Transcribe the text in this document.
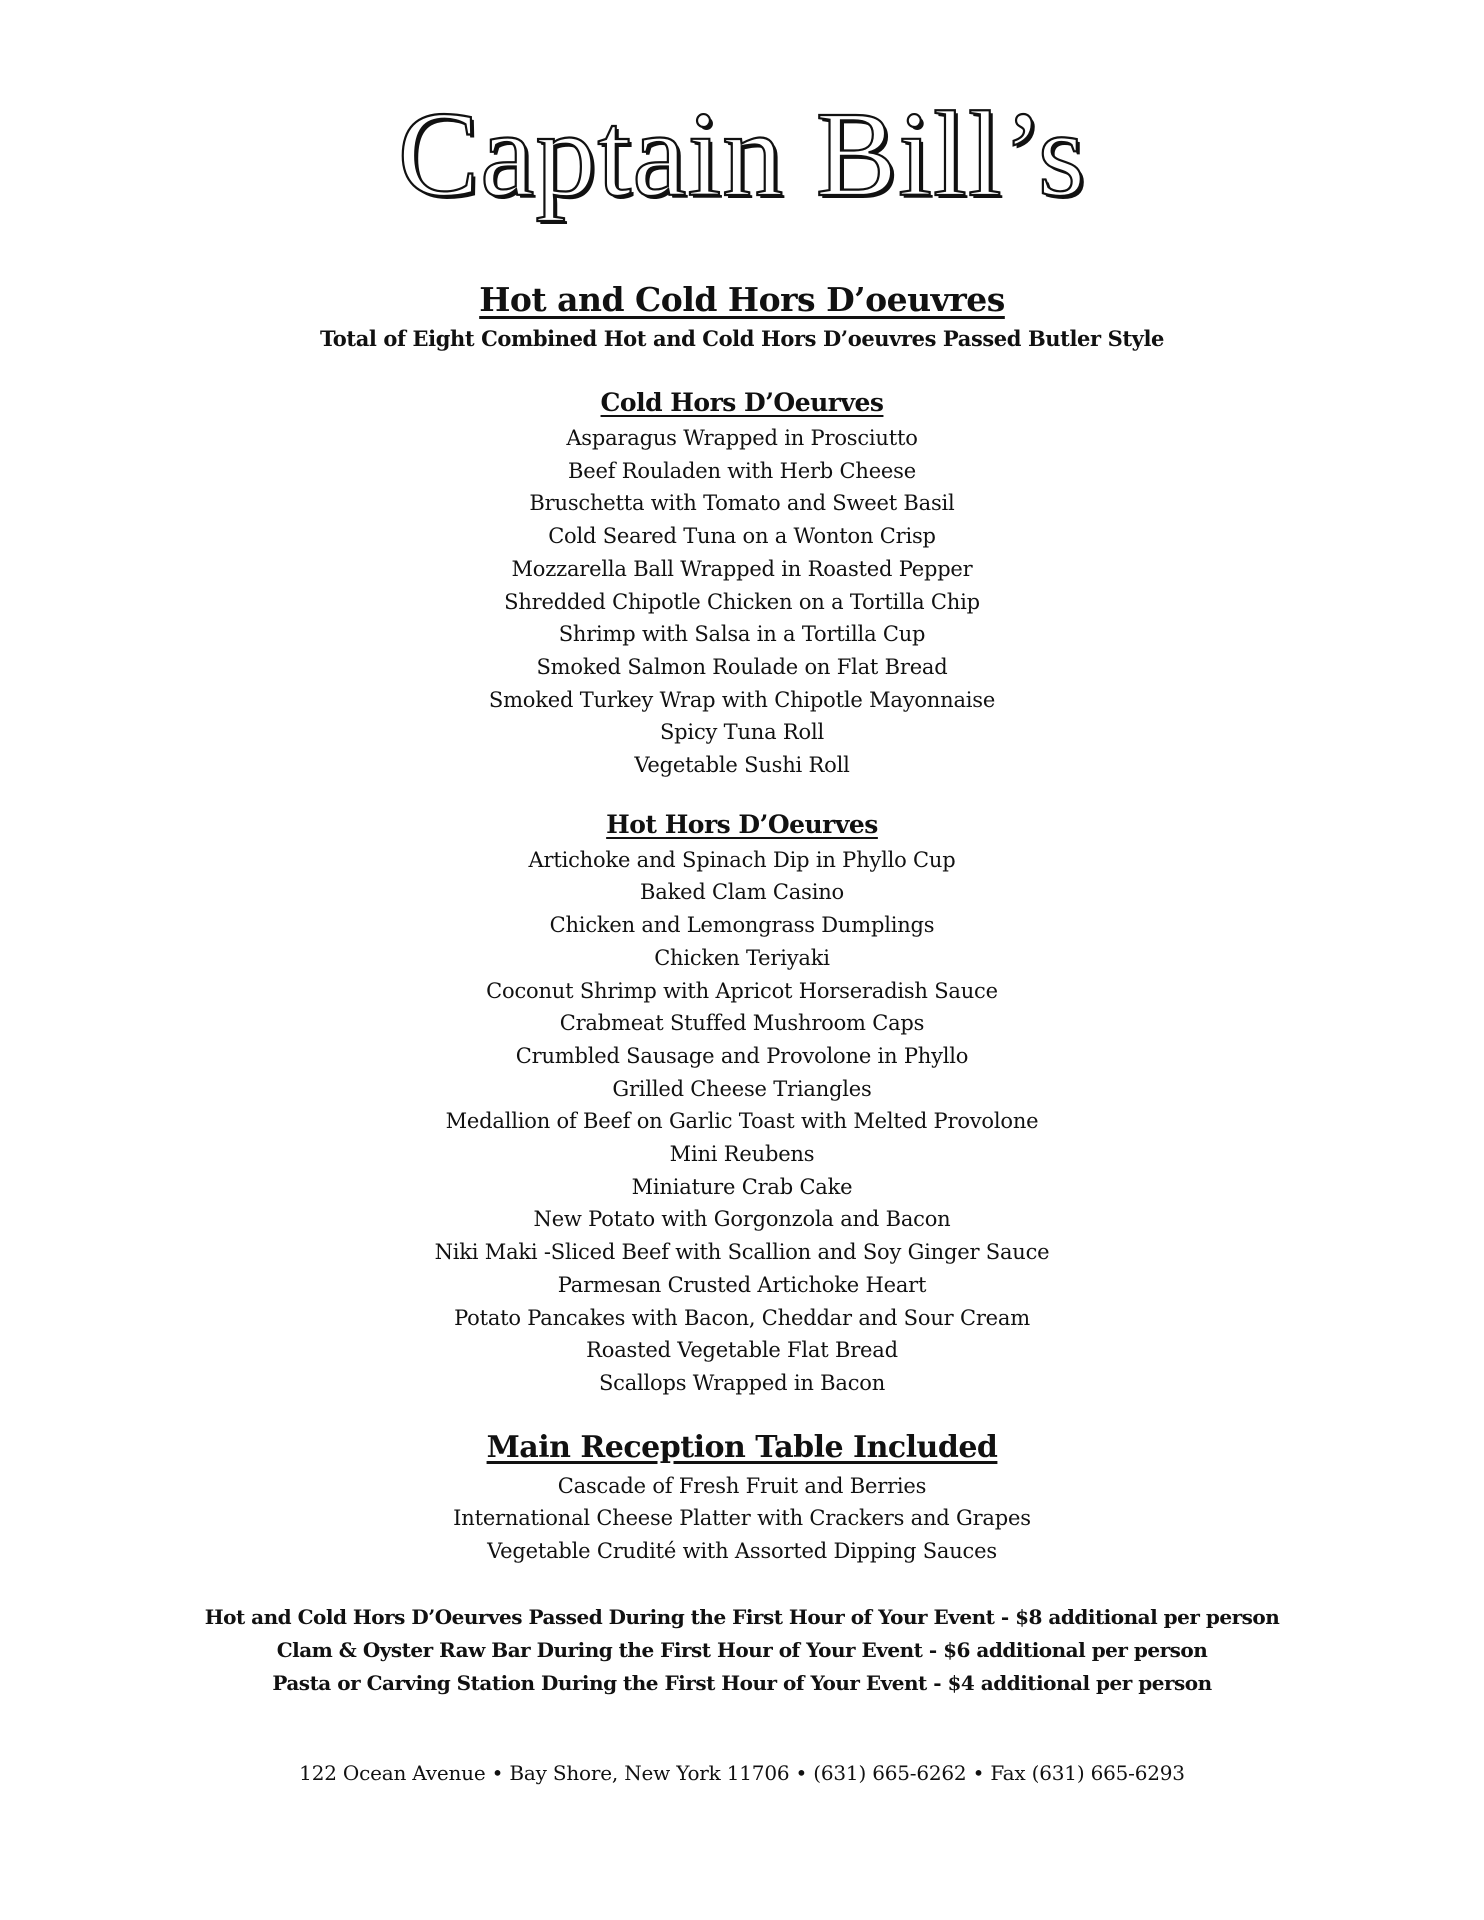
Captain Bill’s
Hot and Cold Hors D’oeuvres

Total of Eight Combined Hot and Cold Hors D’oeuvres Passed Butler Style

Cold Hors D’Oeurves
Asparagus Wrapped in Prosciutto
Beef Rouladen with Herb Cheese
Bruschetta with Tomato and Sweet Basil
Cold Seared Tuna on a Wonton Crisp
Mozzarella Ball Wrapped in Roasted Pepper
Shredded Chipotle Chicken on a Tortilla Chip
Shrimp with Salsa in a Tortilla Cup
Smoked Salmon Roulade on Flat Bread
Smoked Turkey Wrap with Chipotle Mayonnaise
Spicy Tuna Roll
Vegetable Sushi Roll
Hot Hors D’Oeurves
Artichoke and Spinach Dip in Phyllo Cup
Baked Clam Casino
Chicken and Lemongrass Dumplings
Chicken Teriyaki
Coconut Shrimp with Apricot Horseradish Sauce
Crabmeat Stuffed Mushroom Caps
Crumbled Sausage and Provolone in Phyllo
Grilled Cheese Triangles
Medallion of Beef on Garlic Toast with Melted Provolone
Mini Reubens
Miniature Crab Cake
New Potato with Gorgonzola and Bacon
Niki Maki -Sliced Beef with Scallion and Soy Ginger Sauce
Parmesan Crusted Artichoke Heart
Potato Pancakes with Bacon, Cheddar and Sour Cream
Roasted Vegetable Flat Bread
Scallops Wrapped in Bacon
Main Reception Table Included
Cascade of Fresh Fruit and Berries
International Cheese Platter with Crackers and Grapes
Vegetable Crudité with Assorted Dipping Sauces
Hot and Cold Hors D’Oeurves Passed During the First Hour of Your Event - $8 additional per person
Clam & Oyster Raw Bar During the First Hour of Your Event - $6 additional per person
Pasta or Carving Station During the First Hour of Your Event - $4 additional per person

122 Ocean Avenue • Bay Shore, New York 11706 • (631) 665-6262 • Fax (631) 665-6293
